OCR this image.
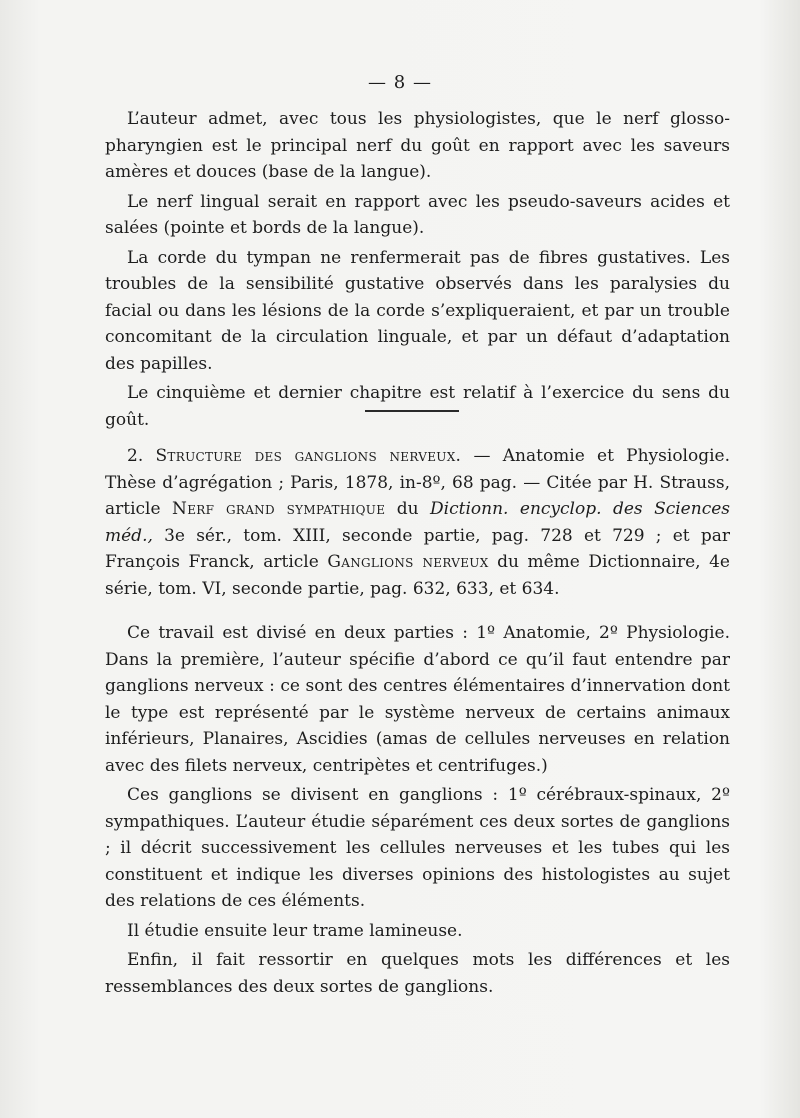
— 8 —

L’auteur admet, avec tous les physiologistes, que le nerf glosso-pharyngien est le principal nerf du goût en rapport avec les saveurs amères et douces (base de la langue).

Le nerf lingual serait en rapport avec les pseudo-saveurs acides et salées (pointe et bords de la langue).

La corde du tympan ne renfermerait pas de fibres gustatives. Les troubles de la sensibilité gustative observés dans les paralysies du facial ou dans les lésions de la corde s’expliqueraient, et par un trouble concomitant de la circulation linguale, et par un défaut d’adaptation des papilles.

Le cinquième et dernier chapitre est relatif à l’exercice du sens du goût.

2. Structure des ganglions nerveux. — Anatomie et Physiologie. Thèse d’agrégation ; Paris, 1878, in-8º, 68 pag. — Citée par H. Strauss, article Nerf grand sympathique du Dictionn. encyclop. des Sciences méd., 3e sér., tom. XIII, seconde partie, pag. 728 et 729 ; et par François Franck, article Ganglions nerveux du même Dictionnaire, 4e série, tom. VI, seconde partie, pag. 632, 633, et 634.

Ce travail est divisé en deux parties : 1º Anatomie, 2º Physiologie. Dans la première, l’auteur spécifie d’abord ce qu’il faut entendre par ganglions nerveux : ce sont des centres élémentaires d’innervation dont le type est représenté par le système nerveux de certains animaux inférieurs, Planaires, Ascidies (amas de cellules nerveuses en relation avec des filets nerveux, centripètes et centrifuges.)

Ces ganglions se divisent en ganglions : 1º cérébraux-spinaux, 2º sympathiques. L’auteur étudie séparément ces deux sortes de ganglions ; il décrit successivement les cellules nerveuses et les tubes qui les constituent et indique les diverses opinions des histologistes au sujet des relations de ces éléments.

Il étudie ensuite leur trame lamineuse.

Enfin, il fait ressortir en quelques mots les différences et les ressemblances des deux sortes de ganglions.
